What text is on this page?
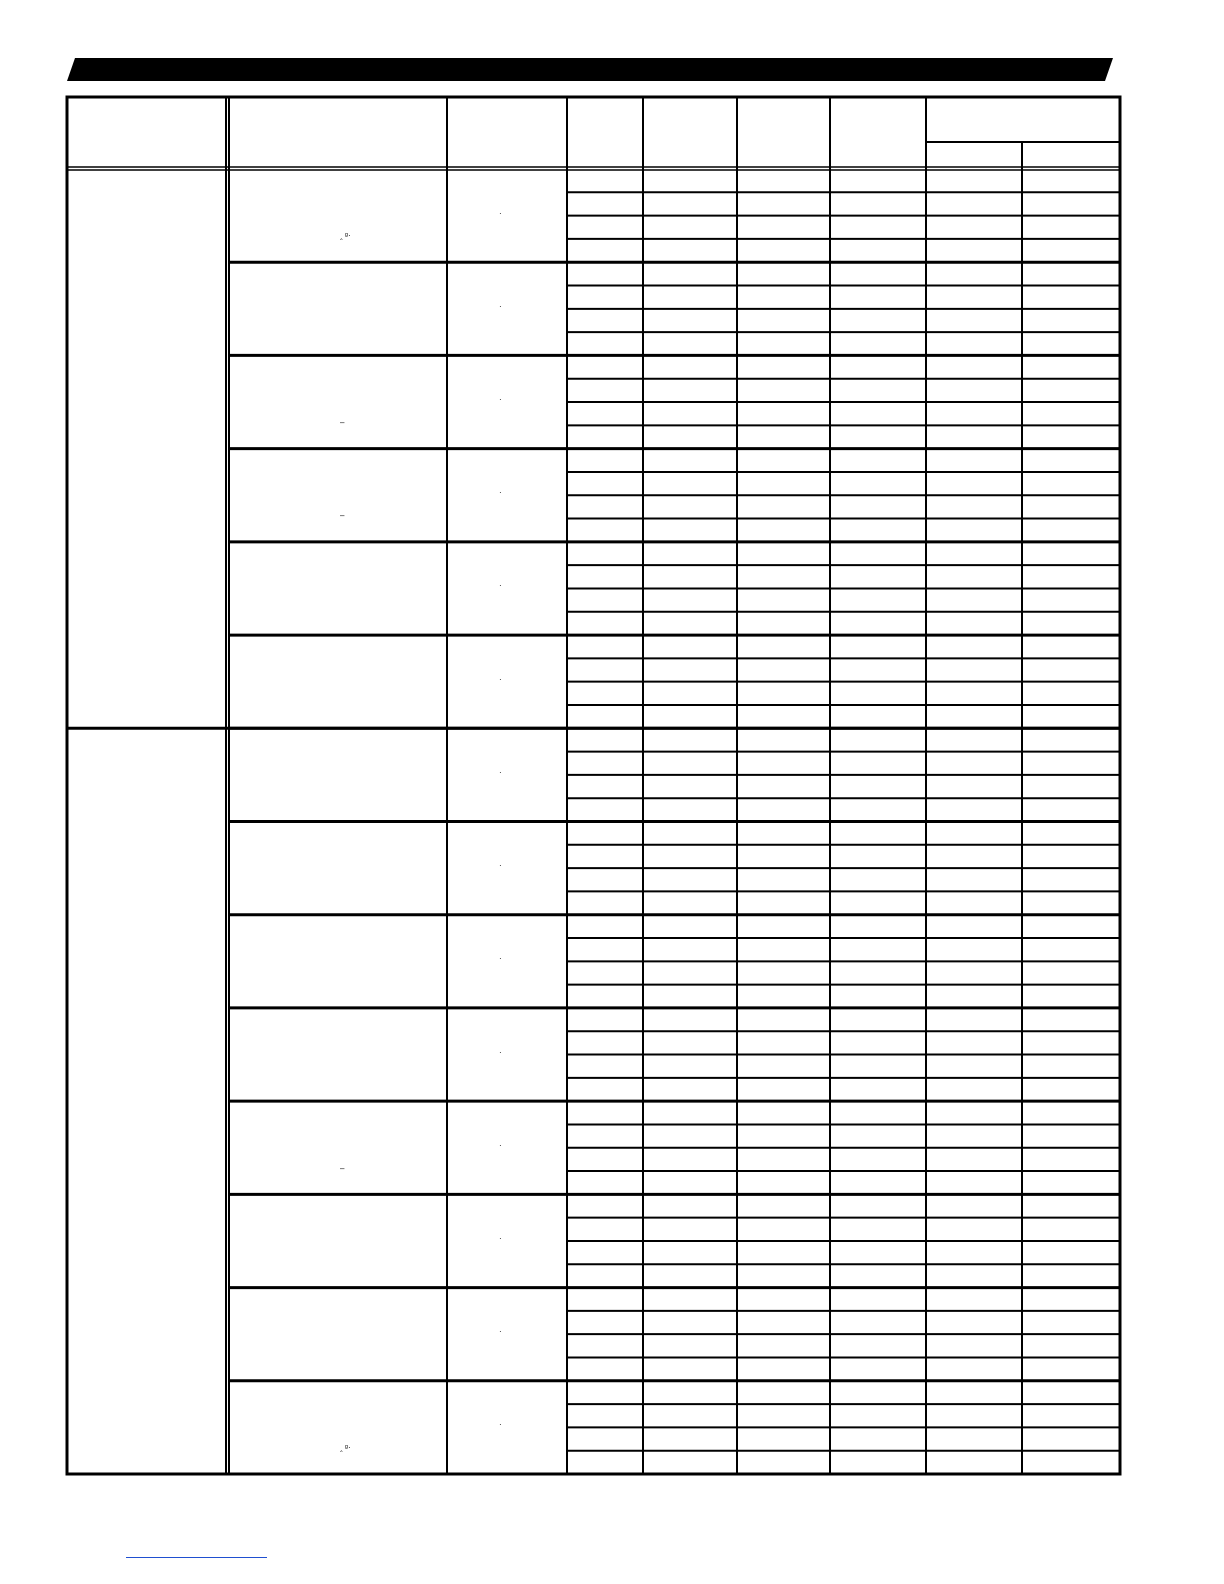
·
‸ ᵍ·
·
·
–
·
–
·
·
·
·
·
·
·
–
·
·
·
‸ ᵍ·
